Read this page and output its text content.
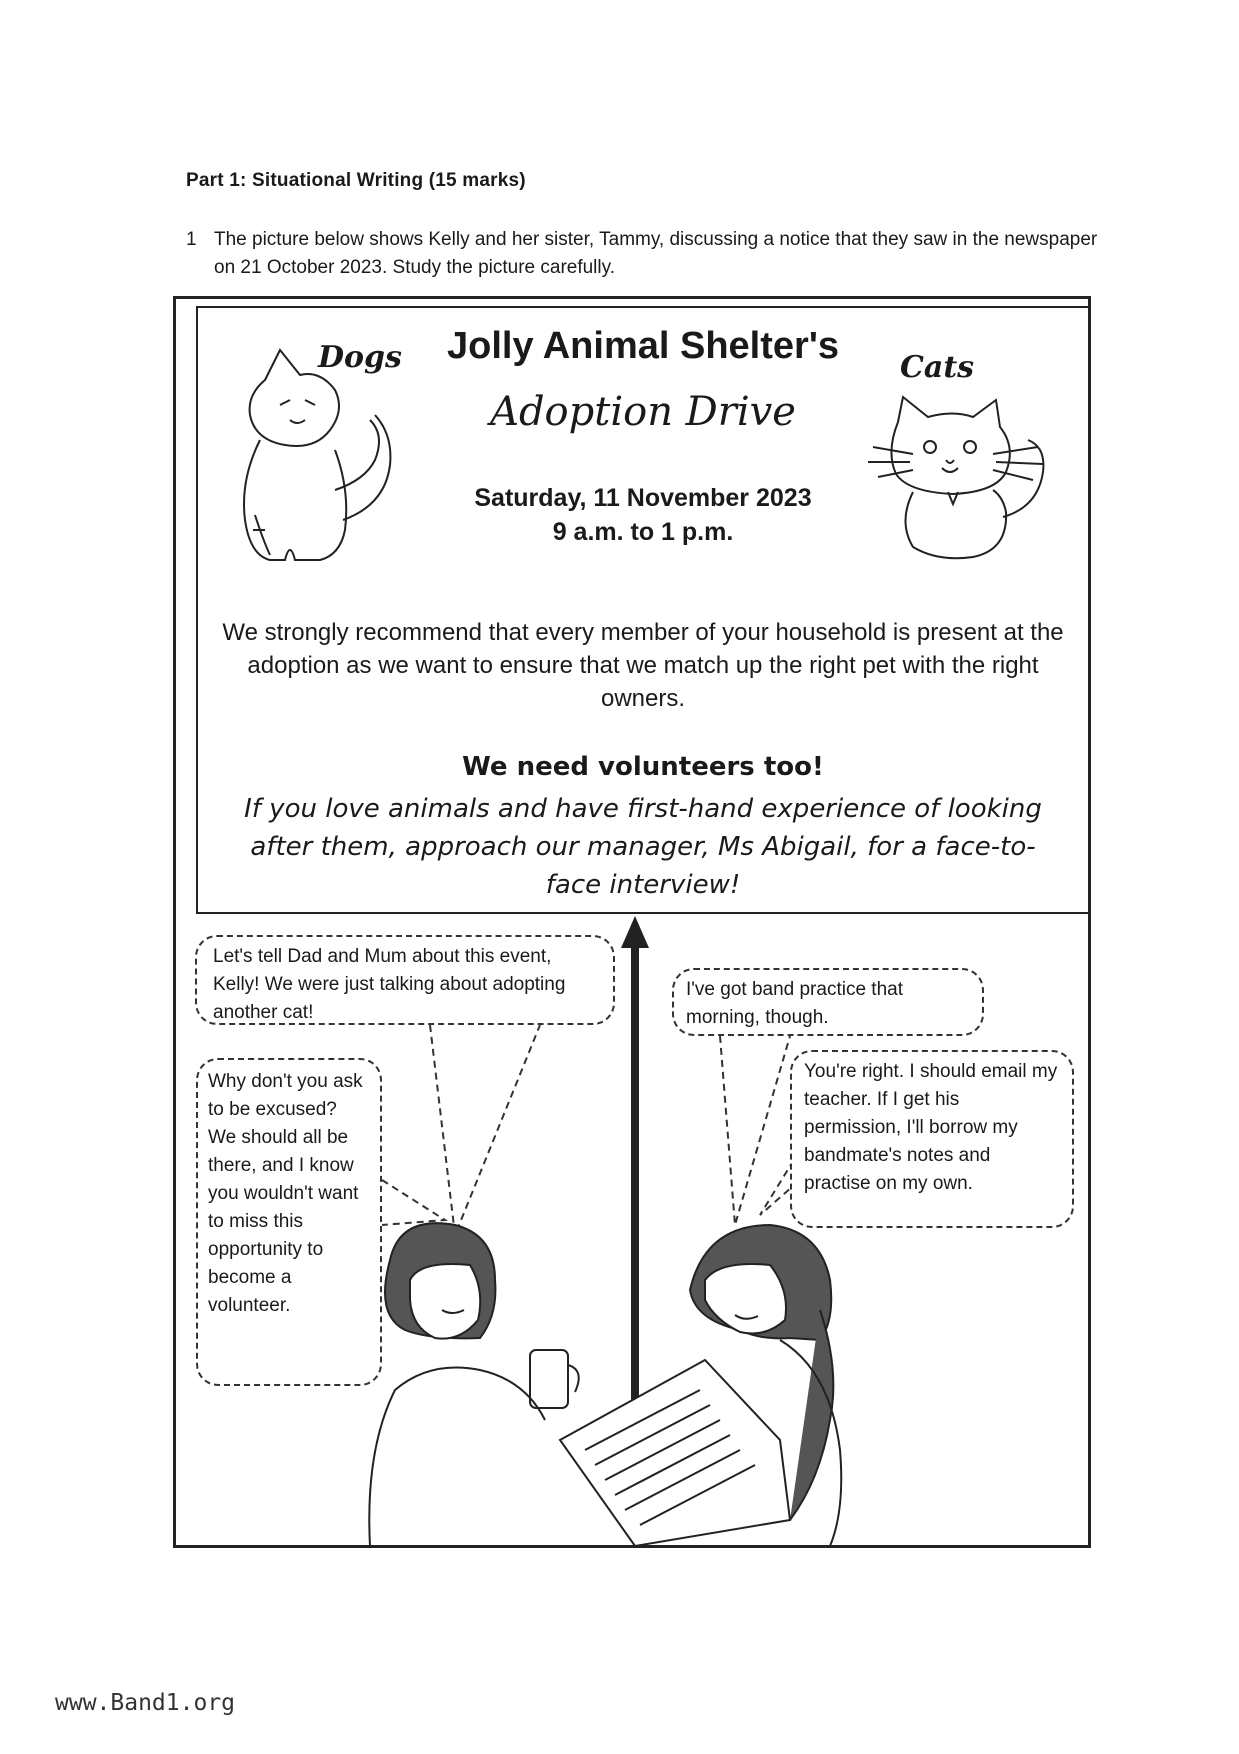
Part 1: Situational Writing (15 marks)
1 The picture below shows Kelly and her sister, Tammy, discussing a notice that they saw in the newspaper on 21 October 2023. Study the picture carefully.
Dogs	Cats
Jolly Animal Shelter's
Adoption Drive
Saturday, 11 November 2023
9 a.m. to 1 p.m.
We strongly recommend that every member of your household is present at the adoption as we want to ensure that we match up the right pet with the right owners.
We need volunteers too!
If you love animals and have first-hand experience of looking after them, approach our manager, Ms Abigail, for a face-to-face interview!
Let's tell Dad and Mum about this event, Kelly! We were just talking about adopting another cat!
Why don't you ask to be excused? We should all be there, and I know you wouldn't want to miss this opportunity to become a volunteer.
I've got band practice that morning, though.
You're right. I should email my teacher. If I get his permission, I'll borrow my bandmate's notes and practise on my own.
www.Band1.org
